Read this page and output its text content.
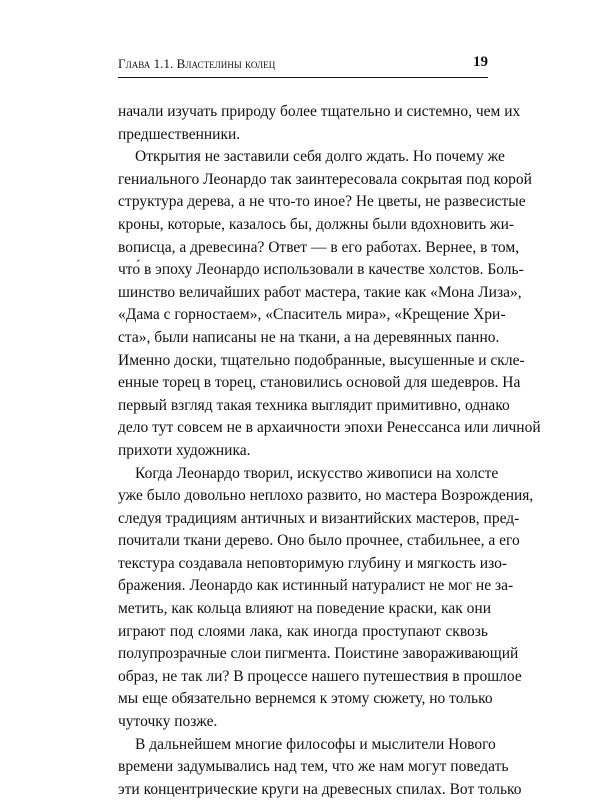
Глава 1.1. Властелины колец	19
начали изучать природу более тщательно и системно, чем их
предшественники.
Открытия не заставили себя долго ждать. Но почему же
гениального Леонардо так заинтересовала сокрытая под корой
структура дерева, а не что-то иное? Не цветы, не развесистые
кроны, которые, казалось бы, должны были вдохновить жи-
вописца, а древесина? Ответ — в его работах. Вернее, в том,
что́ в эпоху Леонардо использовали в качестве холстов. Боль-
шинство величайших работ мастера, такие как «Мона Лиза»,
«Дама с горностаем», «Спаситель мира», «Крещение Хри-
ста», были написаны не на ткани, а на деревянных панно.
Именно доски, тщательно подобранные, высушенные и скле-
енные торец в торец, становились основой для шедевров. На
первый взгляд такая техника выглядит примитивно, однако
дело тут совсем не в архаичности эпохи Ренессанса или личной
прихоти художника.
Когда Леонардо творил, искусство живописи на холсте
уже было довольно неплохо развито, но мастера Возрождения,
следуя традициям античных и византийских мастеров, пред-
почитали ткани дерево. Оно было прочнее, стабильнее, а его
текстура создавала неповторимую глубину и мягкость изо-
бражения. Леонардо как истинный натуралист не мог не за-
метить, как кольца влияют на поведение краски, как они
играют под слоями лака, как иногда проступают сквозь
полупрозрачные слои пигмента. Поистине завораживающий
образ, не так ли? В процессе нашего путешествия в прошлое
мы еще обязательно вернемся к этому сюжету, но только
чуточку позже.
В дальнейшем многие философы и мыслители Нового
времени задумывались над тем, что же нам могут поведать
эти концентрические круги на древесных спилах. Вот только
